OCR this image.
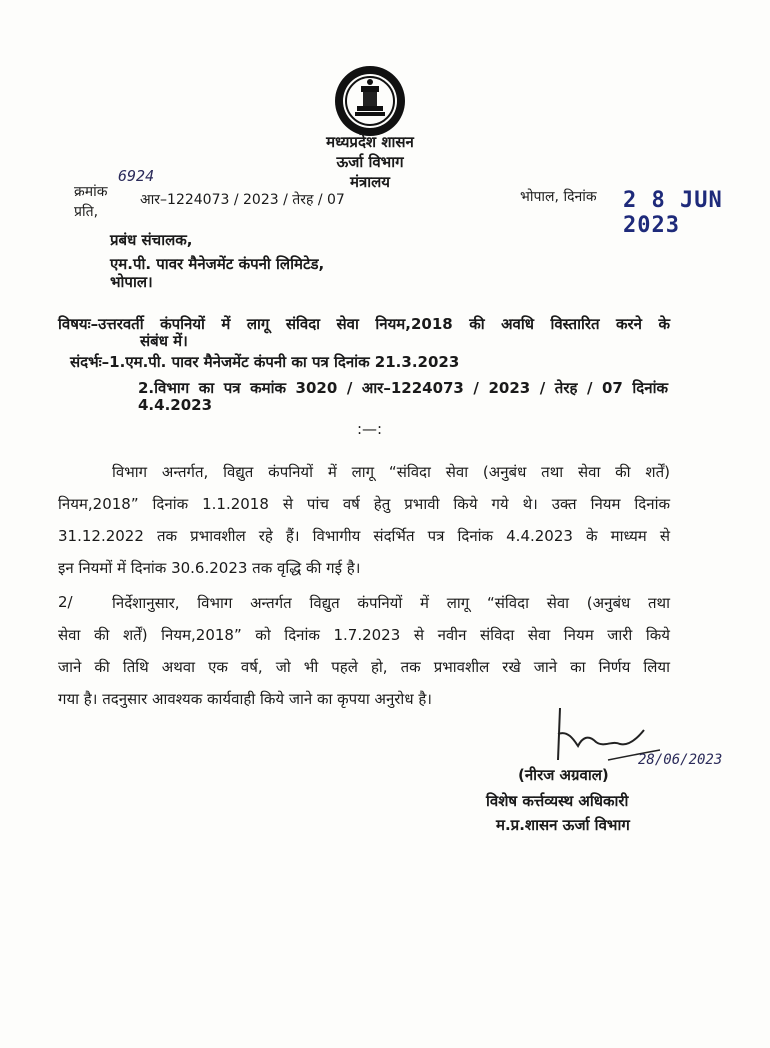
मध्यप्रदेश शासन
ऊर्जा विभाग
मंत्रालय
6924
क्रमांक आर–1224073 / 2023 / तेरह / 07
प्रति,
भोपाल, दिनांक 2 8 JUN 2023
प्रबंध संचालक,
एम.पी. पावर मैनेजमेंट कंपनी लिमिटेड,
भोपाल।
विषयः–उत्तरवर्ती कंपनियों में लागू संविदा सेवा नियम,2018 की अवधि विस्तारित करने के
संबंध में।
संदर्भः–1.एम.पी. पावर मैनेजमेंट कंपनी का पत्र दिनांक 21.3.2023
2.विभाग का पत्र कमांक 3020 / आर–1224073 / 2023 / तेरह / 07 दिनांक
4.4.2023
:—:
विभाग अन्तर्गत, विद्युत कंपनियों में लागू “संविदा सेवा (अनुबंध तथा सेवा की शर्तें)
नियम,2018” दिनांक 1.1.2018 से पांच वर्ष हेतु प्रभावी किये गये थे। उक्त नियम दिनांक
31.12.2022 तक प्रभावशील रहे हैं। विभागीय संदर्भित पत्र दिनांक 4.4.2023 के माध्यम से
इन नियमों में दिनांक 30.6.2023 तक वृद्धि की गई है।
2/	निर्देशानुसार, विभाग अन्तर्गत विद्युत कंपनियों में लागू “संविदा सेवा (अनुबंध तथा
सेवा की शर्तें) नियम,2018” को दिनांक 1.7.2023 से नवीन संविदा सेवा नियम जारी किये
जाने की तिथि अथवा एक वर्ष, जो भी पहले हो, तक प्रभावशील रखे जाने का निर्णय लिया
गया है। तदनुसार आवश्यक कार्यवाही किये जाने का कृपया अनुरोध है।
28/06/2023
(नीरज अग्रवाल)
विशेष कर्त्तव्यस्थ अधिकारी
म.प्र.शासन ऊर्जा विभाग
